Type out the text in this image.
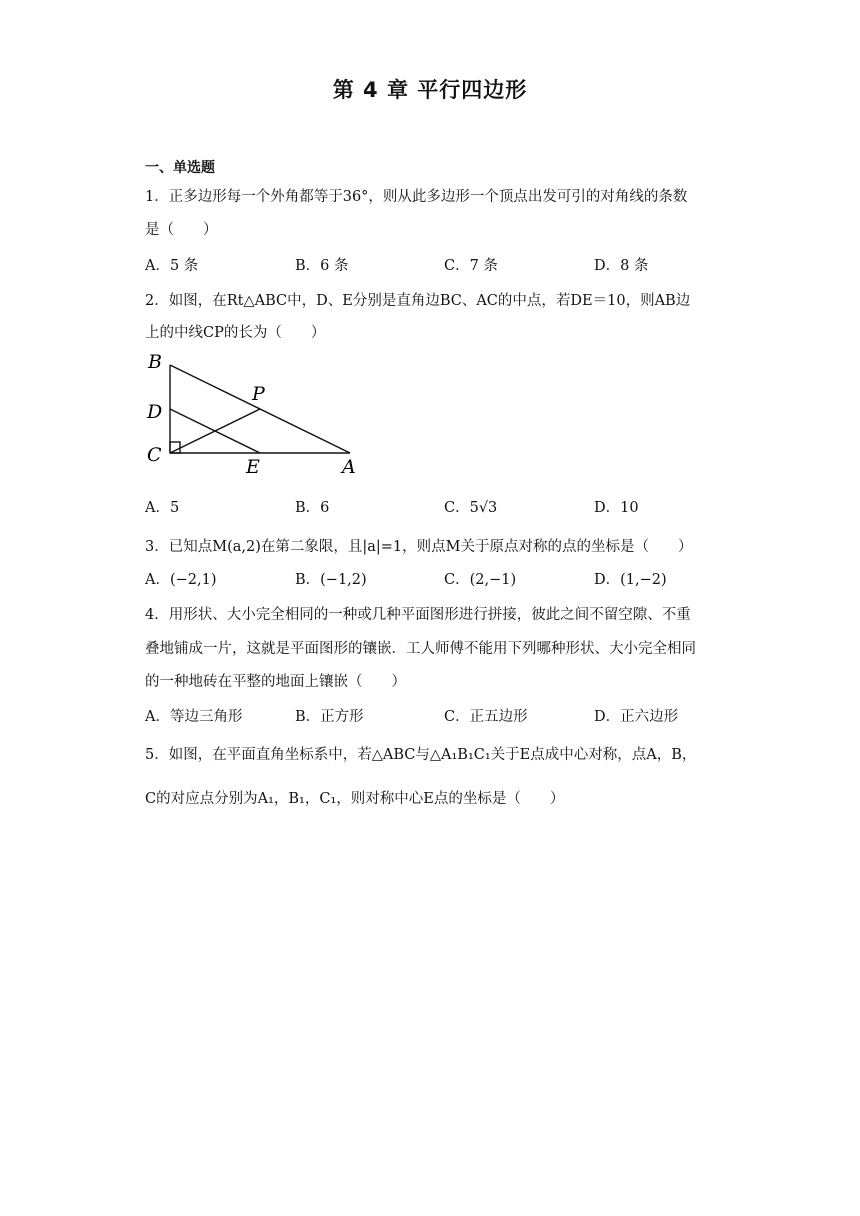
第 4 章 平行四边形
一、单选题
1．正多边形每一个外角都等于36°，则从此多边形一个顶点出发可引的对角线的条数
是（　　）
A．5 条	B．6 条	C．7 条	D．8 条
2．如图，在Rt△ABC中，D、E分别是直角边BC、AC的中点，若DE＝10，则AB边
上的中线CP的长为（　　）
B
P
D
C
E	A
A．5	B．6	C．5√3	D．10
3．已知点M(a,2)在第二象限，且|a|=1，则点M关于原点对称的点的坐标是（　　）
A．(−2,1)	B．(−1,2)	C．(2,−1)	D．(1,−2)
4．用形状、大小完全相同的一种或几种平面图形进行拼接，彼此之间不留空隙、不重
叠地铺成一片，这就是平面图形的镶嵌．工人师傅不能用下列哪种形状、大小完全相同
的一种地砖在平整的地面上镶嵌（　　）
A．等边三角形	B．正方形	C．正五边形	D．正六边形
5．如图，在平面直角坐标系中，若△ABC与△A₁B₁C₁关于E点成中心对称，点A，B，
C的对应点分别为A₁，B₁，C₁，则对称中心E点的坐标是（　　）
